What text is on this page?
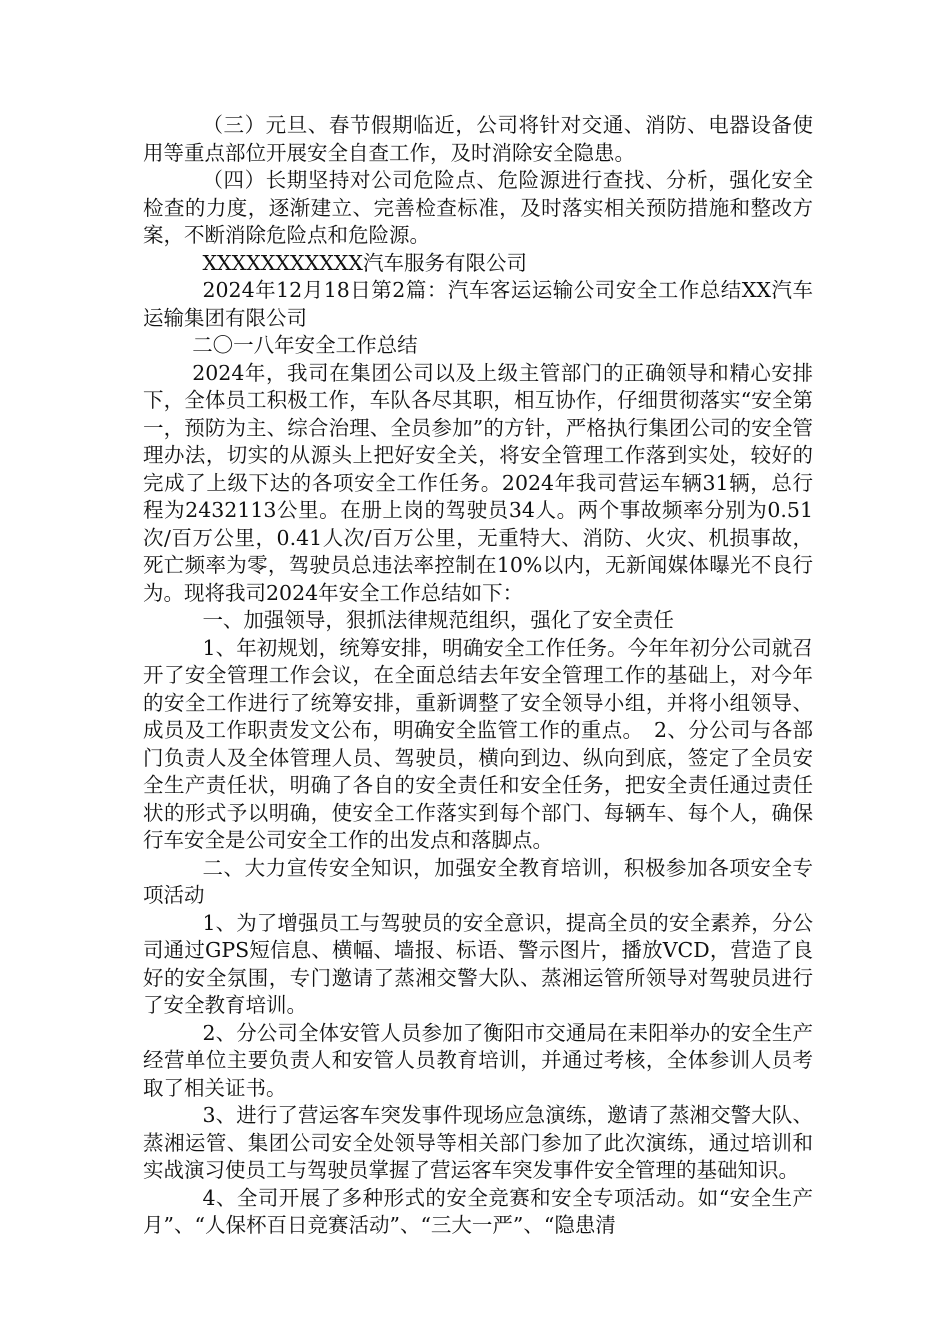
（三）元旦、春节假期临近，公司将针对交通、消防、电器设备使用等重点部位开展安全自查工作，及时消除安全隐患。

（四）长期坚持对公司危险点、危险源进行查找、分析，强化安全检查的力度，逐渐建立、完善检查标准，及时落实相关预防措施和整改方案，不断消除危险点和危险源。

XXXXXXXXXXX汽车服务有限公司

2024年12月18日第2篇：汽车客运运输公司安全工作总结XX汽车运输集团有限公司

二〇一八年安全工作总结

2024年，我司在集团公司以及上级主管部门的正确领导和精心安排下，全体员工积极工作，车队各尽其职，相互协作，仔细贯彻落实“安全第一，预防为主、综合治理、全员参加”的方针，严格执行集团公司的安全管理办法，切实的从源头上把好安全关，将安全管理工作落到实处，较好的完成了上级下达的各项安全工作任务。2024年我司营运车辆31辆，总行程为2432113公里。在册上岗的驾驶员34人。两个事故频率分别为0.51次/百万公里，0.41人次/百万公里，无重特大、消防、火灾、机损事故，死亡频率为零，驾驶员总违法率控制在10%以内，无新闻媒体曝光不良行为。现将我司2024年安全工作总结如下：

一、加强领导，狠抓法律规范组织，强化了安全责任

1、年初规划，统筹安排，明确安全工作任务。今年年初分公司就召开了安全管理工作会议，在全面总结去年安全管理工作的基础上，对今年的安全工作进行了统筹安排，重新调整了安全领导小组，并将小组领导、成员及工作职责发文公布，明确安全监管工作的重点。　2、分公司与各部门负责人及全体管理人员、驾驶员，横向到边、纵向到底，签定了全员安全生产责任状，明确了各自的安全责任和安全任务，把安全责任通过责任状的形式予以明确，使安全工作落实到每个部门、每辆车、每个人，确保行车安全是公司安全工作的出发点和落脚点。

二、大力宣传安全知识，加强安全教育培训，积极参加各项安全专项活动

1、为了增强员工与驾驶员的安全意识，提高全员的安全素养，分公司通过GPS短信息、横幅、墙报、标语、警示图片，播放VCD，营造了良好的安全氛围，专门邀请了蒸湘交警大队、蒸湘运管所领导对驾驶员进行了安全教育培训。

2、分公司全体安管人员参加了衡阳市交通局在耒阳举办的安全生产经营单位主要负责人和安管人员教育培训，并通过考核，全体参训人员考取了相关证书。

3、进行了营运客车突发事件现场应急演练，邀请了蒸湘交警大队、蒸湘运管、集团公司安全处领导等相关部门参加了此次演练，通过培训和实战演习使员工与驾驶员掌握了营运客车突发事件安全管理的基础知识。

4、全司开展了多种形式的安全竞赛和安全专项活动。如“安全生产月”、“人保杯百日竞赛活动”、“三大一严”、“隐患清
